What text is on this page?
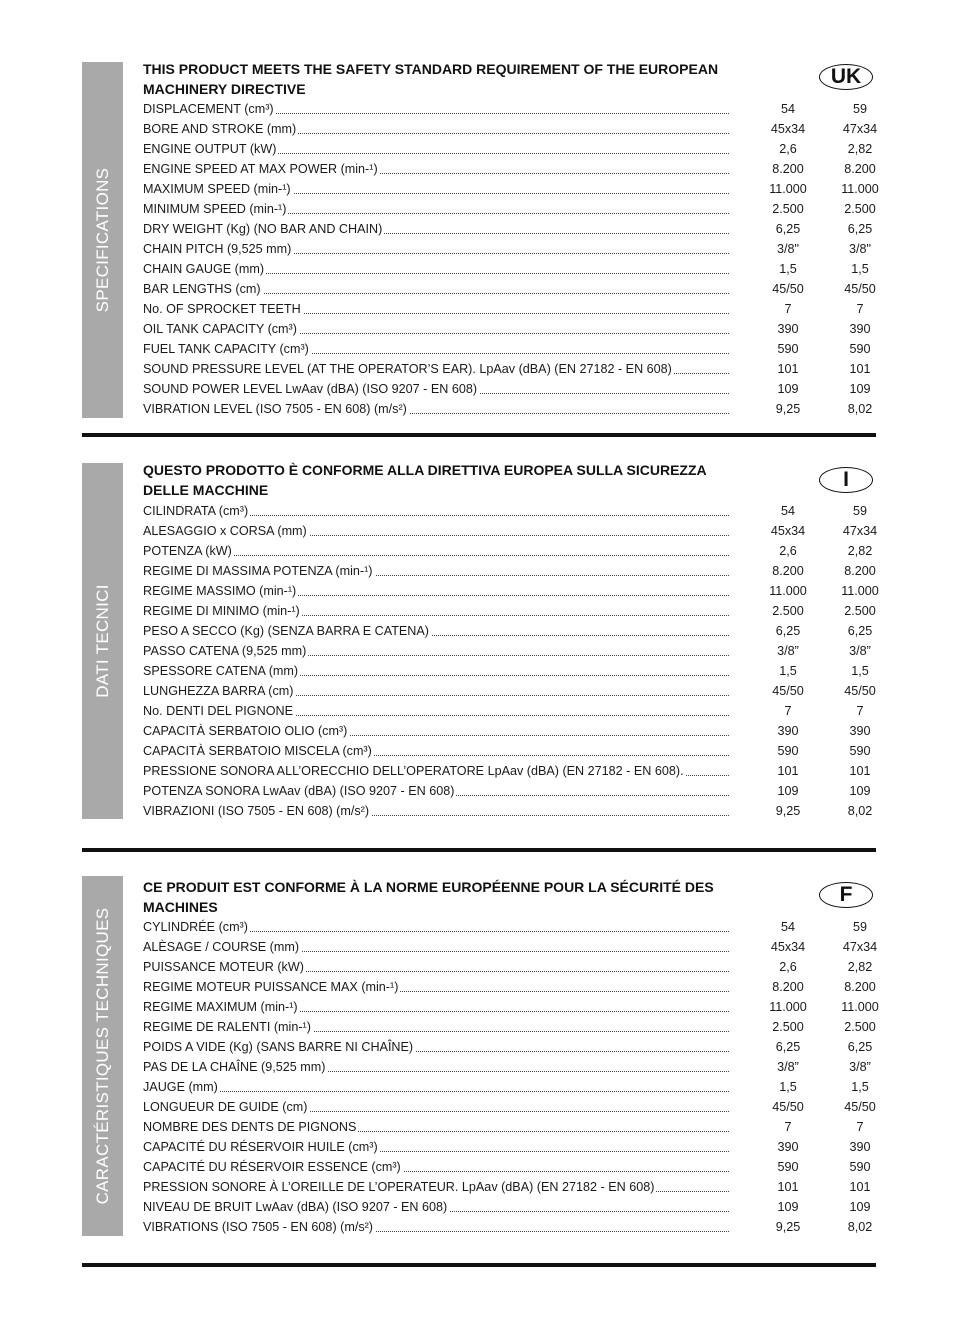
SPECIFICATIONS
THIS PRODUCT MEETS THE SAFETY STANDARD REQUIREMENT OF THE EUROPEAN MACHINERY DIRECTIVE
UK
DISPLACEMENT (cm³)	54	59
BORE AND STROKE (mm)	45x34	47x34
ENGINE OUTPUT (kW)	2,6	2,82
ENGINE SPEED AT MAX POWER (min-¹)	8.200	8.200
MAXIMUM SPEED (min-¹)	11.000	11.000
MINIMUM SPEED (min-¹)	2.500	2.500
DRY WEIGHT (Kg) (NO BAR AND CHAIN)	6,25	6,25
CHAIN PITCH (9,525 mm)	3/8"	3/8"
CHAIN GAUGE (mm)	1,5	1,5
BAR LENGTHS (cm)	45/50	45/50
No. OF SPROCKET TEETH	7	7
OIL TANK CAPACITY (cm³)	390	390
FUEL TANK CAPACITY (cm³)	590	590
SOUND PRESSURE LEVEL (AT THE OPERATOR’S EAR). LpAav (dBA) (EN 27182 - EN 608)	101	101
SOUND POWER LEVEL LwAav (dBA) (ISO 9207 - EN 608)	109	109
VIBRATION LEVEL (ISO 7505 - EN 608) (m/s²)	9,25	8,02
DATI TECNICI
QUESTO PRODOTTO È CONFORME ALLA DIRETTIVA EUROPEA SULLA SICUREZZA DELLE MACCHINE	I
CILINDRATA (cm³)	54	59
ALESAGGIO x CORSA (mm)	45x34	47x34
POTENZA (kW)	2,6	2,82
REGIME DI MASSIMA POTENZA (min-¹)	8.200	8.200
REGIME MASSIMO (min-¹)	11.000	11.000
REGIME DI MINIMO (min-¹)	2.500	2.500
PESO A SECCO (Kg) (SENZA BARRA E CATENA)	6,25	6,25
PASSO CATENA (9,525 mm)	3/8”	3/8”
SPESSORE CATENA (mm)	1,5	1,5
LUNGHEZZA BARRA (cm)	45/50	45/50
No. DENTI DEL PIGNONE	7	7
CAPACITÀ SERBATOIO OLIO (cm³)	390	390
CAPACITÀ SERBATOIO MISCELA (cm³)	590	590
PRESSIONE SONORA ALL’ORECCHIO DELL’OPERATORE LpAav (dBA) (EN 27182 - EN 608).	101	101
POTENZA SONORA LwAav (dBA) (ISO 9207 - EN 608)	109	109
VIBRAZIONI (ISO 7505 - EN 608) (m/s²)	9,25	8,02
CARACTÉRISTIQUES TECHNIQUES
CE PRODUIT EST CONFORME À LA NORME EUROPÉENNE POUR LA SÉCURITÉ DES MACHINES
F
CYLINDRÉE (cm³)	54	59
ALÈSAGE / COURSE (mm)	45x34	47x34
PUISSANCE MOTEUR (kW)	2,6	2,82
REGIME MOTEUR PUISSANCE MAX (min-¹)	8.200	8.200
REGIME MAXIMUM (min-¹)	11.000	11.000
REGIME DE RALENTI (min-¹)	2.500	2.500
POIDS A VIDE (Kg) (SANS BARRE NI CHAÎNE)	6,25	6,25
PAS DE LA CHAÎNE (9,525 mm)	3/8”	3/8”
JAUGE (mm)	1,5	1,5
LONGUEUR DE GUIDE (cm)	45/50	45/50
NOMBRE DES DENTS DE PIGNONS	7	7
CAPACITÉ DU RÉSERVOIR HUILE (cm³)	390	390
CAPACITÉ DU RÉSERVOIR ESSENCE (cm³)	590	590
PRESSION SONORE À L’OREILLE DE L’OPERATEUR. LpAav (dBA) (EN 27182 - EN 608)	101	101
NIVEAU DE BRUIT LwAav (dBA) (ISO 9207 - EN 608)	109	109
VIBRATIONS (ISO 7505 - EN 608) (m/s²)	9,25	8,02
